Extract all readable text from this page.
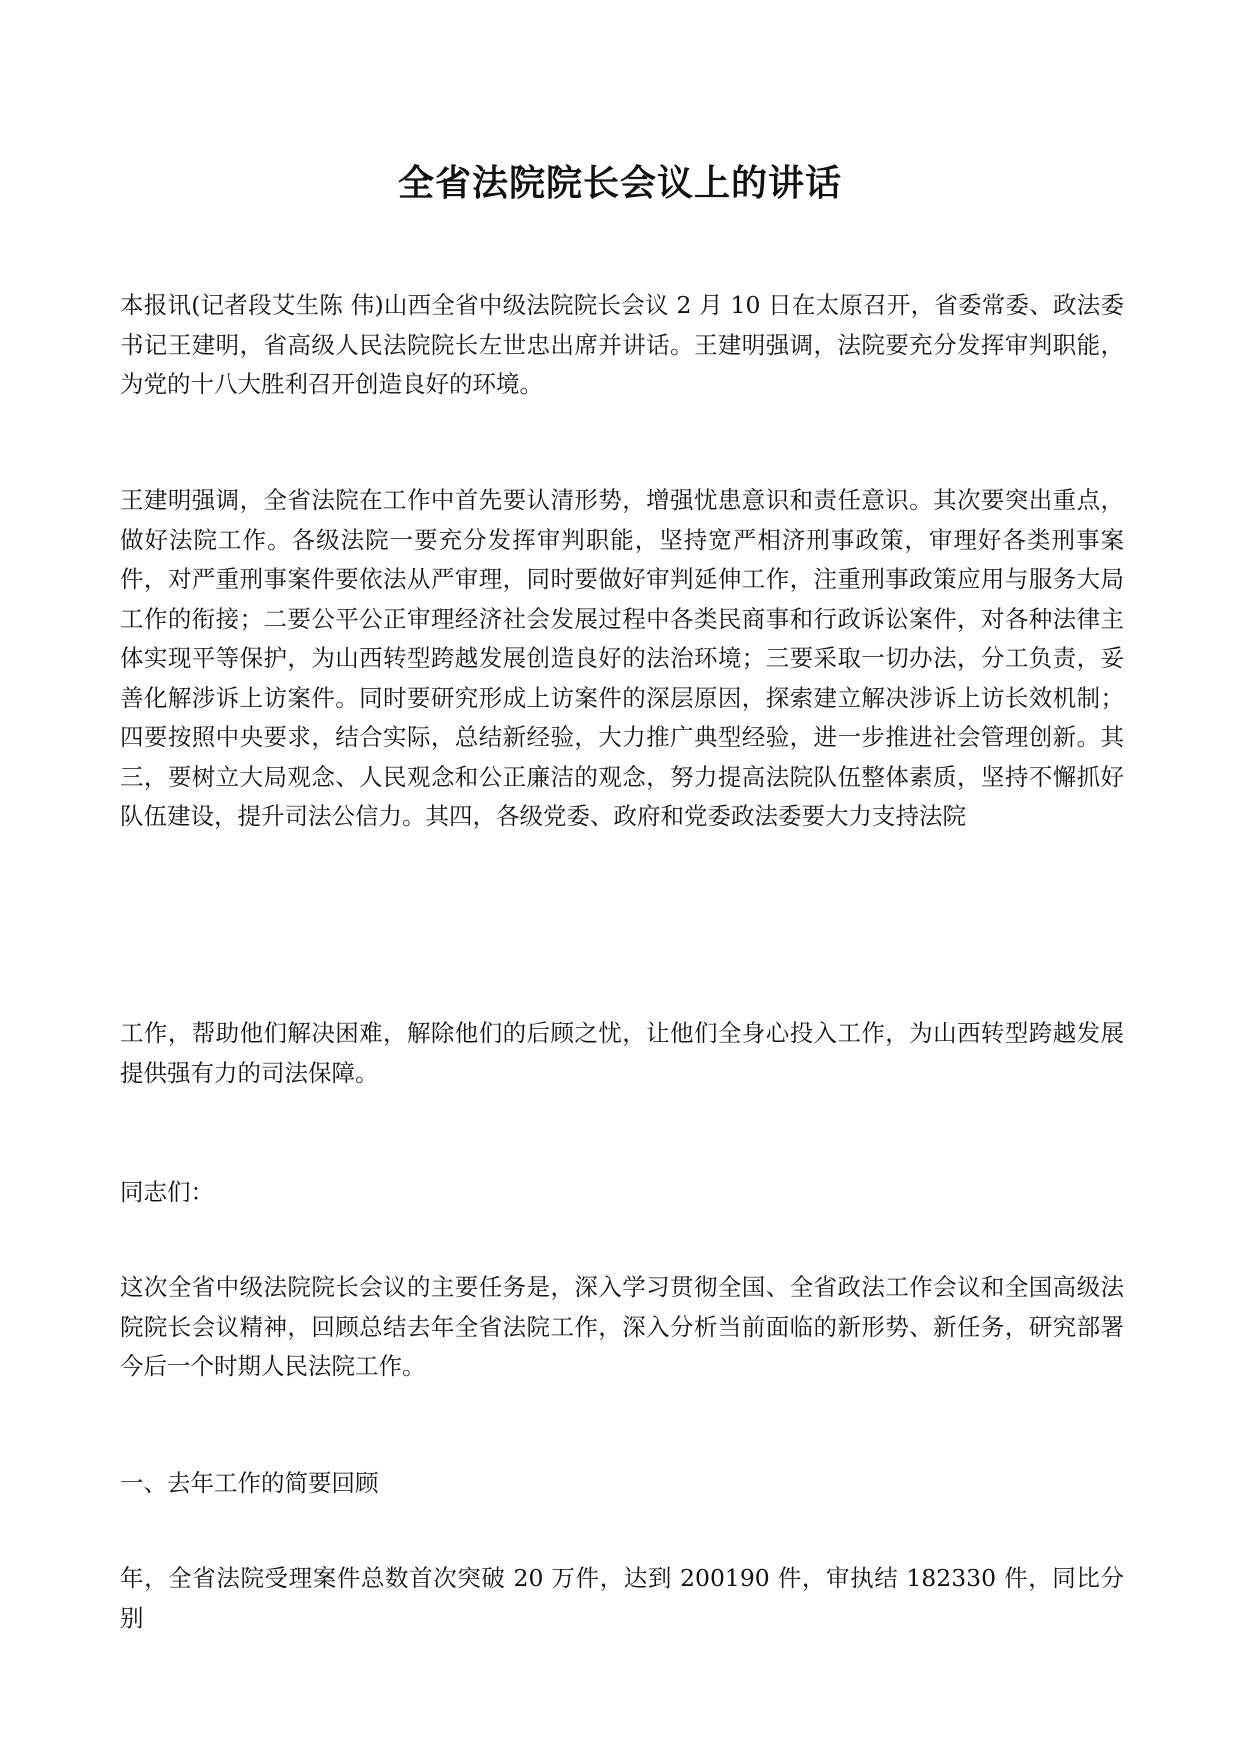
全省法院院长会议上的讲话

本报讯(记者段艾生陈 伟)山西全省中级法院院长会议 2 月 10 日在太原召开，省委常委、政法委书记王建明，省高级人民法院院长左世忠出席并讲话。王建明强调，法院要充分发挥审判职能，为党的十八大胜利召开创造良好的环境。

王建明强调，全省法院在工作中首先要认清形势，增强忧患意识和责任意识。其次要突出重点，做好法院工作。各级法院一要充分发挥审判职能，坚持宽严相济刑事政策，审理好各类刑事案件，对严重刑事案件要依法从严审理，同时要做好审判延伸工作，注重刑事政策应用与服务大局工作的衔接；二要公平公正审理经济社会发展过程中各类民商事和行政诉讼案件，对各种法律主体实现平等保护，为山西转型跨越发展创造良好的法治环境；三要采取一切办法，分工负责，妥善化解涉诉上访案件。同时要研究形成上访案件的深层原因，探索建立解决涉诉上访长效机制；四要按照中央要求，结合实际，总结新经验，大力推广典型经验，进一步推进社会管理创新。其三，要树立大局观念、人民观念和公正廉洁的观念，努力提高法院队伍整体素质，坚持不懈抓好队伍建设，提升司法公信力。其四，各级党委、政府和党委政法委要大力支持法院

工作，帮助他们解决困难，解除他们的后顾之忧，让他们全身心投入工作，为山西转型跨越发展提供强有力的司法保障。

同志们：

这次全省中级法院院长会议的主要任务是，深入学习贯彻全国、全省政法工作会议和全国高级法院院长会议精神，回顾总结去年全省法院工作，深入分析当前面临的新形势、新任务，研究部署今后一个时期人民法院工作。

一、去年工作的简要回顾

年，全省法院受理案件总数首次突破 20 万件，达到 200190 件，审执结 182330 件，同比分别
